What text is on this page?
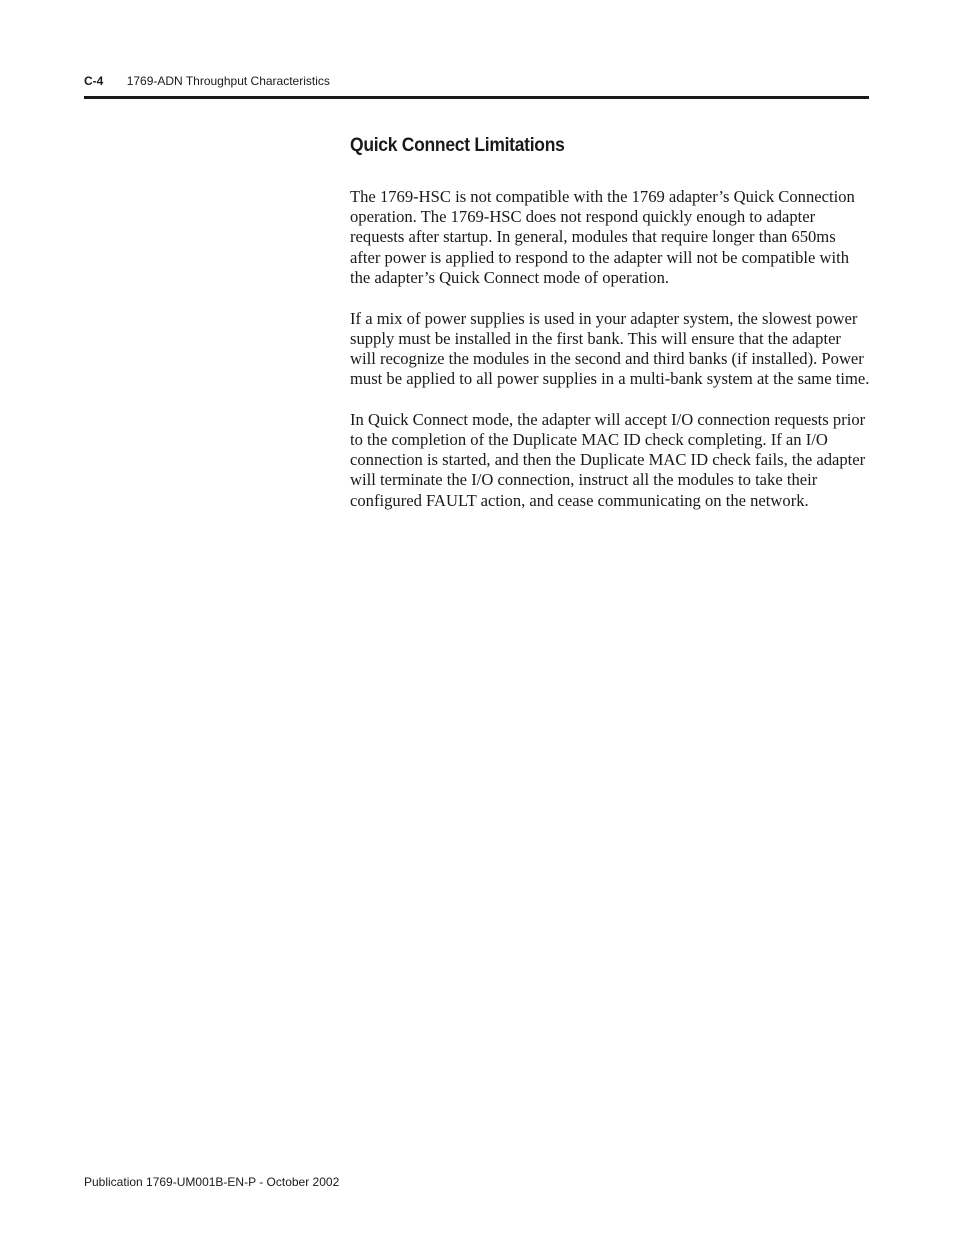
C-4 1769-ADN Throughput Characteristics
Quick Connect Limitations

The 1769-HSC is not compatible with the 1769 adapter’s Quick Connection operation. The 1769-HSC does not respond quickly enough to adapter requests after startup. In general, modules that require longer than 650ms after power is applied to respond to the adapter will not be compatible with the adapter’s Quick Connect mode of operation.

If a mix of power supplies is used in your adapter system, the slowest power supply must be installed in the first bank. This will ensure that the adapter will recognize the modules in the second and third banks (if installed). Power must be applied to all power supplies in a multi-bank system at the same time.

In Quick Connect mode, the adapter will accept I/O connection requests prior to the completion of the Duplicate MAC ID check completing. If an I/O connection is started, and then the Duplicate MAC ID check fails, the adapter will terminate the I/O connection, instruct all the modules to take their configured FAULT action, and cease communicating on the network.

Publication 1769-UM001B-EN-P - October 2002
